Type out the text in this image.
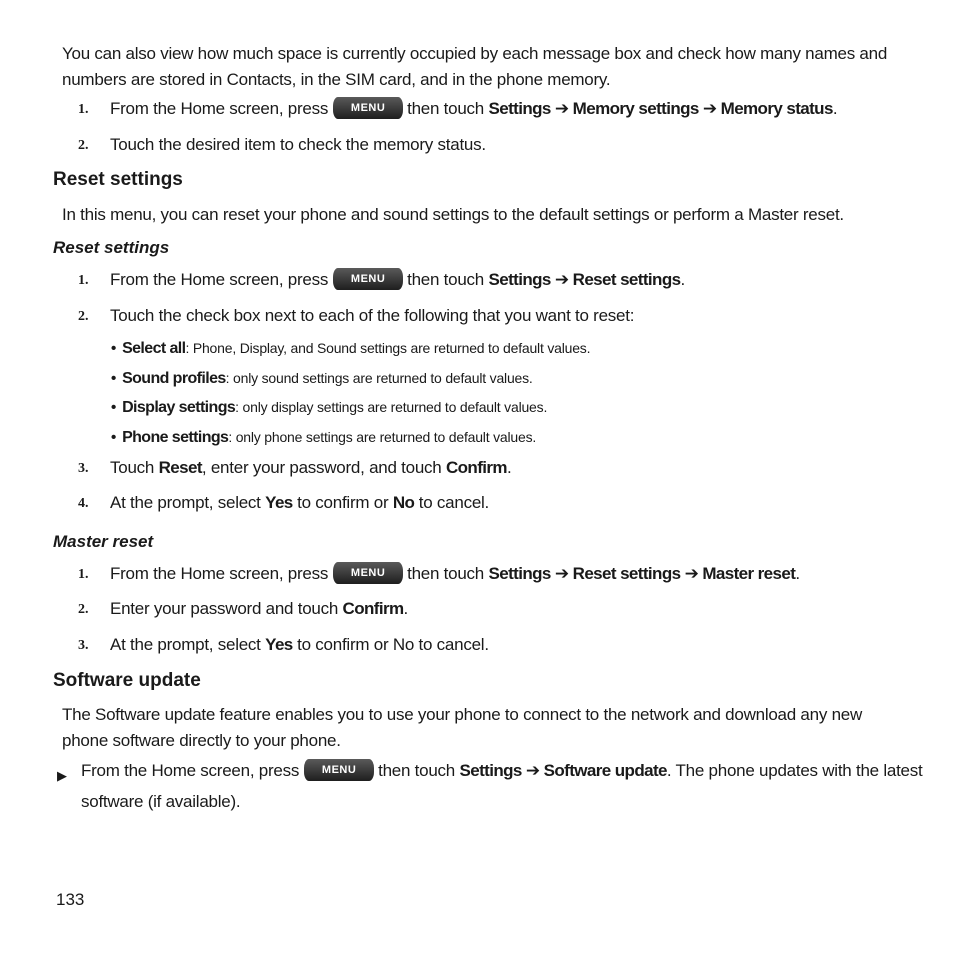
You can also view how much space is currently occupied by each message box and check how many names and numbers are stored in Contacts, in the SIM card, and in the phone memory.
1. From the Home screen, press MENU then touch Settings ➔ Memory settings ➔ Memory status.
2. Touch the desired item to check the memory status.
Reset settings
In this menu, you can reset your phone and sound settings to the default settings or perform a Master reset.
Reset settings
1. From the Home screen, press MENU then touch Settings ➔ Reset settings.
2. Touch the check box next to each of the following that you want to reset:
• Select all: Phone, Display, and Sound settings are returned to default values.
• Sound profiles: only sound settings are returned to default values.
• Display settings: only display settings are returned to default values.
• Phone settings: only phone settings are returned to default values.
3. Touch Reset, enter your password, and touch Confirm.
4. At the prompt, select Yes to confirm or No to cancel.
Master reset
1. From the Home screen, press MENU then touch Settings ➔ Reset settings ➔ Master reset.
2. Enter your password and touch Confirm.
3. At the prompt, select Yes to confirm or No to cancel.
Software update
The Software update feature enables you to use your phone to connect to the network and download any new phone software directly to your phone.
▶ From the Home screen, press MENU then touch Settings ➔ Software update. The phone updates with the latest
software (if available).
133
